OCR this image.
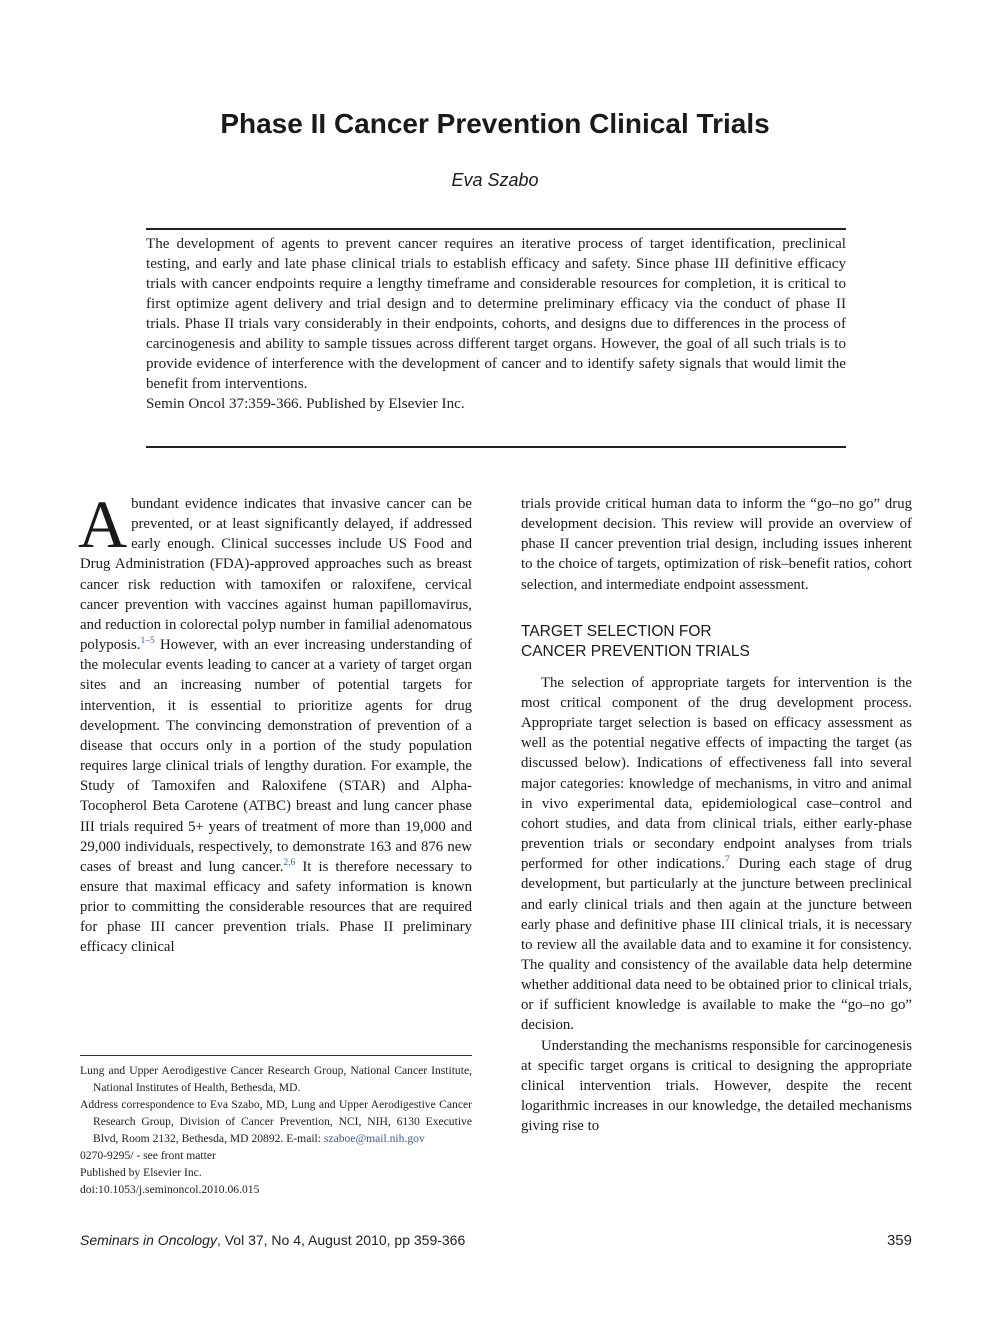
Phase II Cancer Prevention Clinical Trials
Eva Szabo

The development of agents to prevent cancer requires an iterative process of target identification, preclinical testing, and early and late phase clinical trials to establish efficacy and safety. Since phase III definitive efficacy trials with cancer endpoints require a lengthy timeframe and considerable resources for completion, it is critical to first optimize agent delivery and trial design and to determine preliminary efficacy via the conduct of phase II trials. Phase II trials vary considerably in their endpoints, cohorts, and designs due to differences in the process of carcinogenesis and ability to sample tissues across different target organs. However, the goal of all such trials is to provide evidence of interference with the development of cancer and to identify safety signals that would limit the benefit from interventions.

Semin Oncol 37:359-366. Published by Elsevier Inc.

Abundant evidence indicates that invasive cancer can be prevented, or at least significantly delayed, if addressed early enough. Clinical successes include US Food and Drug Administration (FDA)-approved approaches such as breast cancer risk reduction with tamoxifen or raloxifene, cervical cancer prevention with vaccines against human papillomavirus, and reduction in colorectal polyp number in familial adenomatous polyposis.$^{1-5}$ However, with an ever increasing understanding of the molecular events leading to cancer at a variety of target organ sites and an increasing number of potential targets for intervention, it is essential to prioritize agents for drug development. The convincing demonstration of prevention of a disease that occurs only in a portion of the study population requires large clinical trials of lengthy duration. For example, the Study of Tamoxifen and Raloxifene (STAR) and Alpha-Tocopherol Beta Carotene (ATBC) breast and lung cancer phase III trials required 5+ years of treatment of more than 19,000 and 29,000 individuals, respectively, to demonstrate 163 and 876 new cases of breast and lung cancer.$^{2,6}$ It is therefore necessary to ensure that maximal efficacy and safety information is known prior to committing the considerable resources that are required for phase III cancer prevention trials. Phase II preliminary efficacy clinical

Lung and Upper Aerodigestive Cancer Research Group, National Cancer Institute, National Institutes of Health, Bethesda, MD.

Address correspondence to Eva Szabo, MD, Lung and Upper Aerodigestive Cancer Research Group, Division of Cancer Prevention, NCI, NIH, 6130 Executive Blvd, Room 2132, Bethesda, MD 20892. E-mail: szaboe@mail.nih.gov

0270-9295/ - see front matter

Published by Elsevier Inc.

doi:10.1053/j.seminoncol.2010.06.015

trials provide critical human data to inform the “go–no go” drug development decision. This review will provide an overview of phase II cancer prevention trial design, including issues inherent to the choice of targets, optimization of risk–benefit ratios, cohort selection, and intermediate endpoint assessment.

TARGET SELECTION FOR
CANCER PREVENTION TRIALS

The selection of appropriate targets for intervention is the most critical component of the drug development process. Appropriate target selection is based on efficacy assessment as well as the potential negative effects of impacting the target (as discussed below). Indications of effectiveness fall into several major categories: knowledge of mechanisms, in vitro and animal in vivo experimental data, epidemiological case–control and cohort studies, and data from clinical trials, either early-phase prevention trials or secondary endpoint analyses from trials performed for other indications.$^7$ During each stage of drug development, but particularly at the juncture between preclinical and early clinical trials and then again at the juncture between early phase and definitive phase III clinical trials, it is necessary to review all the available data and to examine it for consistency. The quality and consistency of the available data help determine whether additional data need to be obtained prior to clinical trials, or if sufficient knowledge is available to make the “go–no go” decision.

Understanding the mechanisms responsible for carcinogenesis at specific target organs is critical to designing the appropriate clinical intervention trials. However, despite the recent logarithmic increases in our knowledge, the detailed mechanisms giving rise to

Seminars in Oncology, Vol 37, No 4, August 2010, pp 359-366	359
